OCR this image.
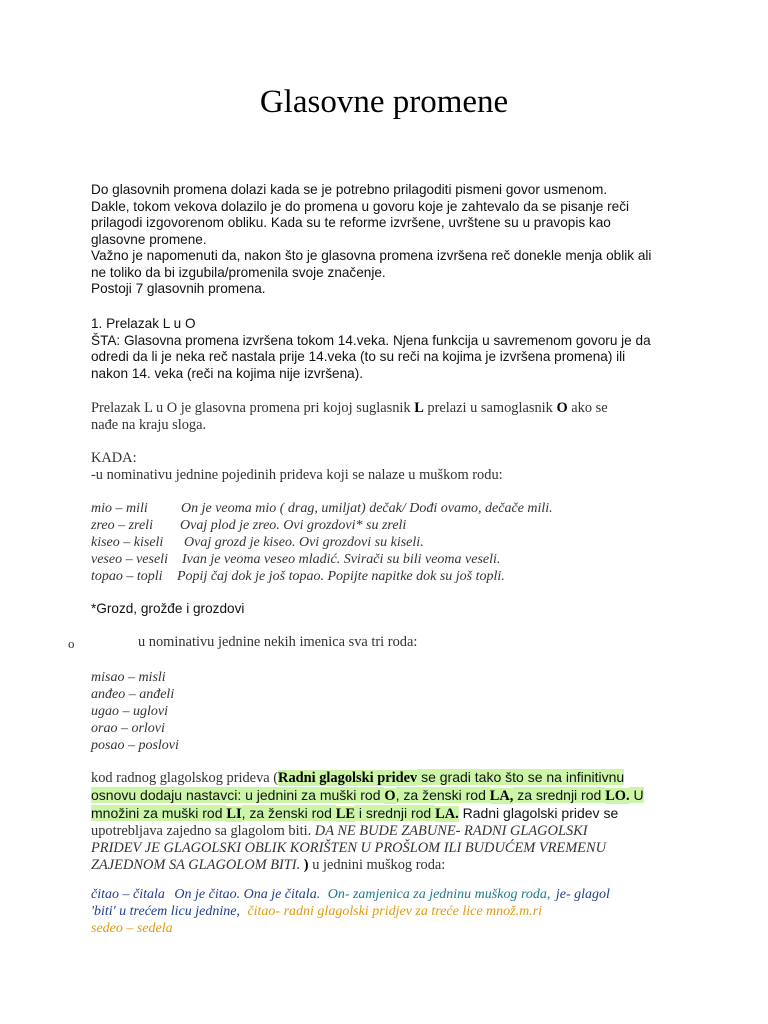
Glasovne promene
Do glasovnih promena dolazi kada se je potrebno prilagoditi pismeni govor usmenom.
Dakle, tokom vekova dolazilo je do promena u govoru koje je zahtevalo da se pisanje reči
prilagodi izgovorenom obliku. Kada su te reforme izvršene, uvrštene su u pravopis kao
glasovne promene.
Važno je napomenuti da, nakon što je glasovna promena izvršena reč donekle menja oblik ali
ne toliko da bi izgubila/promenila svoje značenje.
Postoji 7 glasovnih promena.
1. Prelazak L u O
ŠTA: Glasovna promena izvršena tokom 14.veka. Njena funkcija u savremenom govoru je da
odredi da li je neka reč nastala prije 14.veka (to su reči na kojima je izvršena promena) ili
nakon 14. veka (reči na kojima nije izvršena).
Prelazak L u O je glasovna promena pri kojoj suglasnik L prelazi u samoglasnik O ako se
nađe na kraju sloga.
KADA:
-u nominativu jednine pojedinih prideva koji se nalaze u muškom rodu:
mio – mili On je veoma mio ( drag, umiljat) dečak/ Dođi ovamo, dečače mili.
zreo – zreli Ovaj plod je zreo. Ovi grozdovi* su zreli
kiseo – kiseli Ovaj grozd je kiseo. Ovi grozdovi su kiseli.
veseo – veseli Ivan je veoma veseo mladić. Svirači su bili veoma veseli.
topao – topli Popij čaj dok je još topao. Popijte napitke dok su još topli.
*Grozd, grožđe i grozdovi
o	u nominativu jednine nekih imenica sva tri roda:
misao – misli
anđeo – anđeli
ugao – uglovi
orao – orlovi
posao – poslovi
kod radnog glagolskog prideva (Radni glagolski pridev se gradi tako što se na infinitivnu
osnovu dodaju nastavci: u jednini za muški rod O, za ženski rod LA, za srednji rod LO. U
množini za muški rod LI, za ženski rod LE i srednji rod LA. Radni glagolski pridev se
upotrebljava zajedno sa glagolom biti. DA NE BUDE ZABUNE- RADNI GLAGOLSKI
PRIDEV JE GLAGOLSKI OBLIK KORIŠTEN U PROŠLOM ILI BUDUĆEM VREMENU
ZAJEDNOM SA GLAGOLOM BITI. ) u jednini muškog roda:
čitao – čitala On je čitao. Ona je čitala. On- zamjenica za jedninu muškog roda, je- glagol
'biti' u trećem licu jednine, čitao- radni glagolski pridjev za treće lice množ.m.ri
sedeo – sedela
